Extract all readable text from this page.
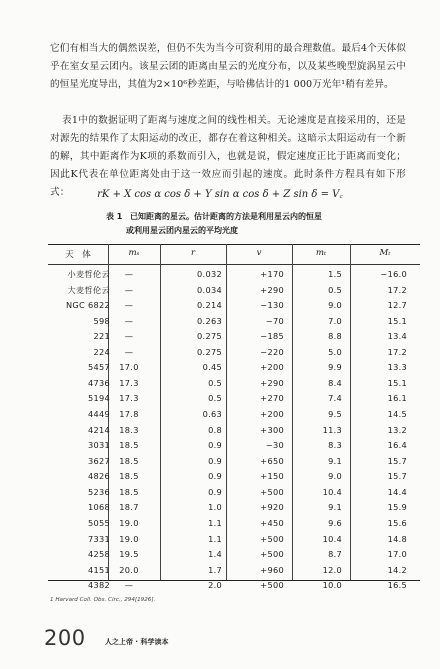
它们有相当大的偶然误差，但仍不失为当今可资利用的最合理数值。最后4个天体似乎在室女星云团内。该星云团的距离由星云的光度分布，以及某些晚型旋涡星云中的恒星光度导出，其值为2×10⁶秒差距，与哈佛估计的1 000万光年¹稍有差异。
表1中的数据证明了距离与速度之间的线性相关。无论速度是直接采用的，还是对源先的结果作了太阳运动的改正，都存在着这种相关。这暗示太阳运动有一个新的解，其中距离作为K项的系数而引入，也就是说，假定速度正比于距离而变化；因此K代表在单位距离处由于这一效应而引起的速度。此时条件方程具有如下形式：	rK + X cos α cos δ + Y sin α cos δ + Z sin δ = V꜀
表 1 已知距离的星云。估计距离的方法是利用星云内的恒星
或利用星云团内星云的平均光度
天　体	mₛ	r	v	mₜ	Mₜ
小麦哲伦云	—	0.032	+170	1.5	−16.0
大麦哲伦云	—	0.034	+290	0.5	17.2
NGC 6822	—	0.214	−130	9.0	12.7
598	—	0.263	−70	7.0	15.1
221	—	0.275	−185	8.8	13.4
224	—	0.275	−220	5.0	17.2
5457	17.0	0.45	+200	9.9	13.3
4736	17.3	0.5	+290	8.4	15.1
5194	17.3	0.5	+270	7.4	16.1
4449	17.8	0.63	+200	9.5	14.5
4214	18.3	0.8	+300	11.3	13.2
3031	18.5	0.9	−30	8.3	16.4
3627	18.5	0.9	+650	9.1	15.7
4826	18.5	0.9	+150	9.0	15.7
5236	18.5	0.9	+500	10.4	14.4
1068	18.7	1.0	+920	9.1	15.9
5055	19.0	1.1	+450	9.6	15.6
7331	19.0	1.1	+500	10.4	14.8
4258	19.5	1.4	+500	8.7	17.0
4151	20.0	1.7	+960	12.0	14.2
4382	—	2.0	+500	10.0	16.5
1 Harvard Coll. Obs. Circ., 294[1926].
200	人之上帝 · 科学读本
